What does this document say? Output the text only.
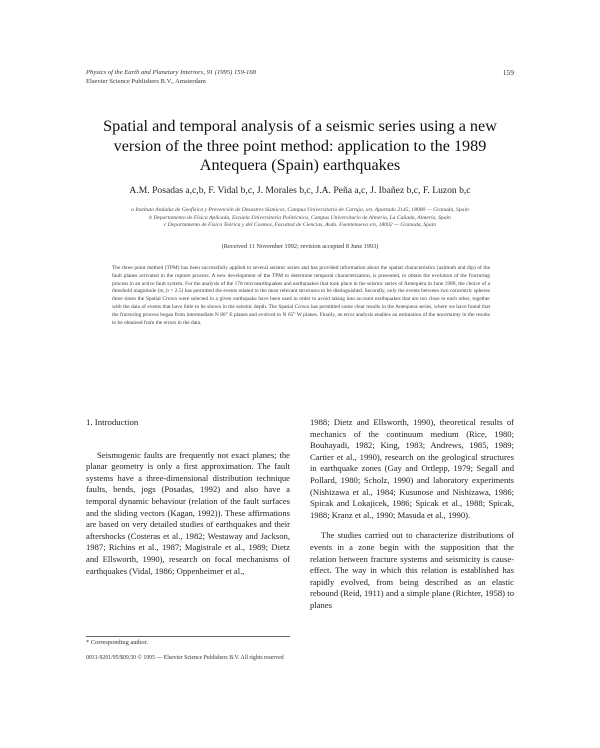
Physics of the Earth and Planetary Interiors, 91 (1995) 159-168
Elsevier Science Publishers B.V., Amsterdam
159
Spatial and temporal analysis of a seismic series using a new version of the three point method: application to the 1989 Antequera (Spain) earthquakes
A.M. Posadas a,c,b, F. Vidal b,c, J. Morales b,c, J.A. Peña a,c, J. Ibañez b,c, F. Luzon b,c

a Instituto Andaluz de Geofísica y Prevención de Desastres Sísmicos, Campus Universitario de Cartuja, s/n, Apartado 2145, 18080 — Granada, Spain

b Departamento de Física Aplicada, Escuela Universitaria Politécnica, Campus Universitario de Almería, La Cañada, Almería, Spain

c Departamento de Física Teórica y del Cosmos, Facultad de Ciencias, Avda. Fuentenueva s/n, 18002 — Granada, Spain

(Received 11 November 1992; revision accepted 8 June 1993)

The three point method (TPM) has been successfully applied to several seismic series and has provided information about the spatial characteristics (azimuth and dip) of the fault planes activated in the rupture process. A new development of the TPM to determine temporal characterization, is presented, to obtain the evolution of the fracturing process in an active fault system. For the analysis of the 178 microearthquakes and earthquakes that took place in the seismic series of Antequera in June 1989, the choice of a threshold magnitude (m_b = 2.5) has permitted the events related to the most relevant structures to be distinguished. Secondly, only the events between two concentric spheres three times the Spatial Crown were selected in a given earthquake have been used in order to avoid taking into account earthquakes that are too close to each other, together with the data of events that have little to be shown in the seismic depth. The Spatial Crown has permitted some clear results in the Antequera series, where we have found that the fracturing process began from intermediate N 80° E planes and evolved to N 65° W planes. Finally, an error analysis enables an estimation of the uncertainty in the results to be obtained from the errors in the data.

1. Introduction

Seismogenic faults are frequently not exact planes; the planar geometry is only a first approximation. The fault systems have a three-dimensional distribution technique faults, bends, jogs (Posadas, 1992) and also have a temporal dynamic behaviour (relation of the fault surfaces and the sliding vectors (Kagan, 1992)). These affirmations are based on very detailed studies of earthquakes and their aftershocks (Costeras et al., 1982; Westaway and Jackson, 1987; Richins et al., 1987; Magistrale et al., 1989; Dietz and Ellsworth, 1990), research on focal mechanisms of earthquakes (Vidal, 1986; Oppenheimer et al.,

1988; Dietz and Ellsworth, 1990), theoretical results of mechanics of the continuum medium (Rice, 1980; Bouhayadi, 1982; King, 1983; Andrews, 1985, 1989; Cartier et al., 1990), research on the geological structures in earthquake zones (Gay and Ortlepp, 1979; Segall and Pollard, 1980; Scholz, 1990) and laboratory experiments (Nishizawa et al., 1984; Kusunose and Nishizawa, 1986; Spicak and Lokajicek, 1986; Spicak et al., 1988; Spicak, 1988; Kranz et al., 1990; Masuda et al., 1990).

The studies carried out to characterize distributions of events in a zone begin with the supposition that the relation between fracture systems and seismicity is cause-effect. The way in which this relation is established has rapidly evolved, from being described as an elastic rebound (Reid, 1911) and a simple plane (Richter, 1958) to planes

* Corresponding author.
0031-9201/95/$09.50 © 1995 — Elsevier Science Publishers B.V. All rights reserved
